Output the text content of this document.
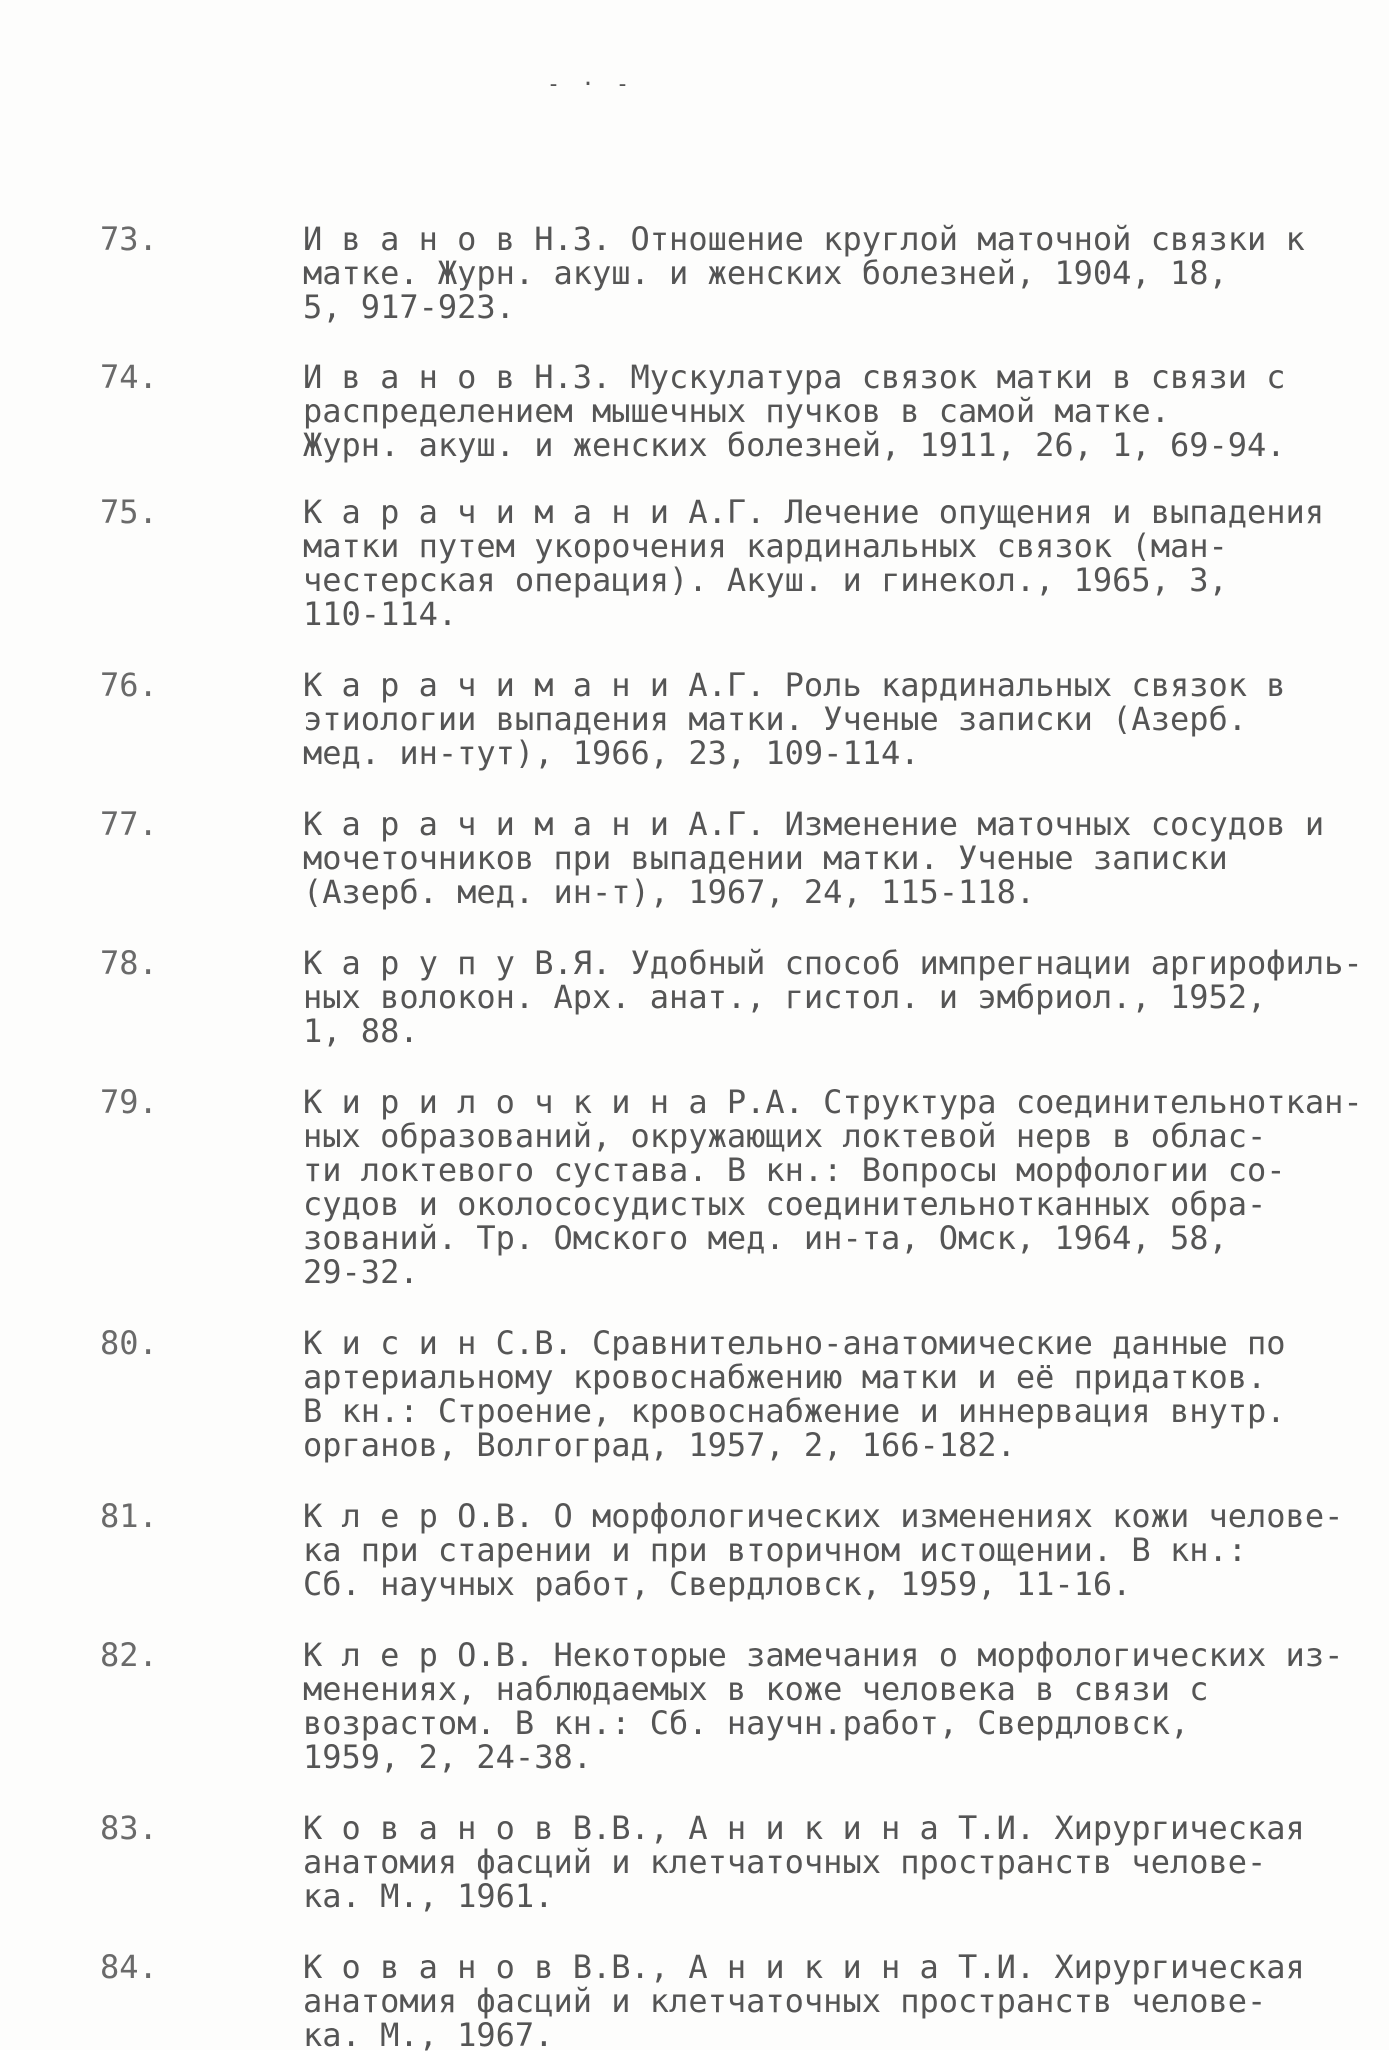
- · -
73.	И в а н о в Н.З. Отношение круглой маточной связки к
матке. Журн. акуш. и женских болезней, 1904, 18,
5, 917-923.
74.	И в а н о в Н.З. Мускулатура связок матки в связи с
распределением мышечных пучков в самой матке.
Журн. акуш. и женских болезней, 1911, 26, 1, 69-94.
75.	К а р а ч и м а н и А.Г. Лечение опущения и выпадения
матки путем укорочения кардинальных связок (ман-
честерская операция). Акуш. и гинекол., 1965, 3,
110-114.
76.	К а р а ч и м а н и А.Г. Роль кардинальных связок в
этиологии выпадения матки. Ученые записки (Азерб.
мед. ин-тут), 1966, 23, 109-114.
77.	К а р а ч и м а н и А.Г. Изменение маточных сосудов и
мочеточников при выпадении матки. Ученые записки
(Азерб. мед. ин-т), 1967, 24, 115-118.
78.	К а р у п у В.Я. Удобный способ импрегнации аргирофиль-
ных волокон. Арх. анат., гистол. и эмбриол., 1952,
1, 88.
79.	К и р и л о ч к и н а Р.А. Структура соединительноткан-
ных образований, окружающих локтевой нерв в облас-
ти локтевого сустава. В кн.: Вопросы морфологии со-
судов и околососудистых соединительнотканных обра-
зований. Тр. Омского мед. ин-та, Омск, 1964, 58,
29-32.
80.	К и с и н С.В. Сравнительно-анатомические данные по
артериальному кровоснабжению матки и её придатков.
В кн.: Строение, кровоснабжение и иннервация внутр.
органов, Волгоград, 1957, 2, 166-182.
81.	К л е р О.В. О морфологических изменениях кожи челове-
ка при старении и при вторичном истощении. В кн.:
Сб. научных работ, Свердловск, 1959, 11-16.
82.	К л е р О.В. Некоторые замечания о морфологических из-
менениях, наблюдаемых в коже человека в связи с
возрастом. В кн.: Сб. научн.работ, Свердловск,
1959, 2, 24-38.
83.	К о в а н о в В.В., А н и к и н а Т.И. Хирургическая
анатомия фасций и клетчаточных пространств челове-
ка. М., 1961.
84.	К о в а н о в В.В., А н и к и н а Т.И. Хирургическая
анатомия фасций и клетчаточных пространств челове-
ка. М., 1967.
